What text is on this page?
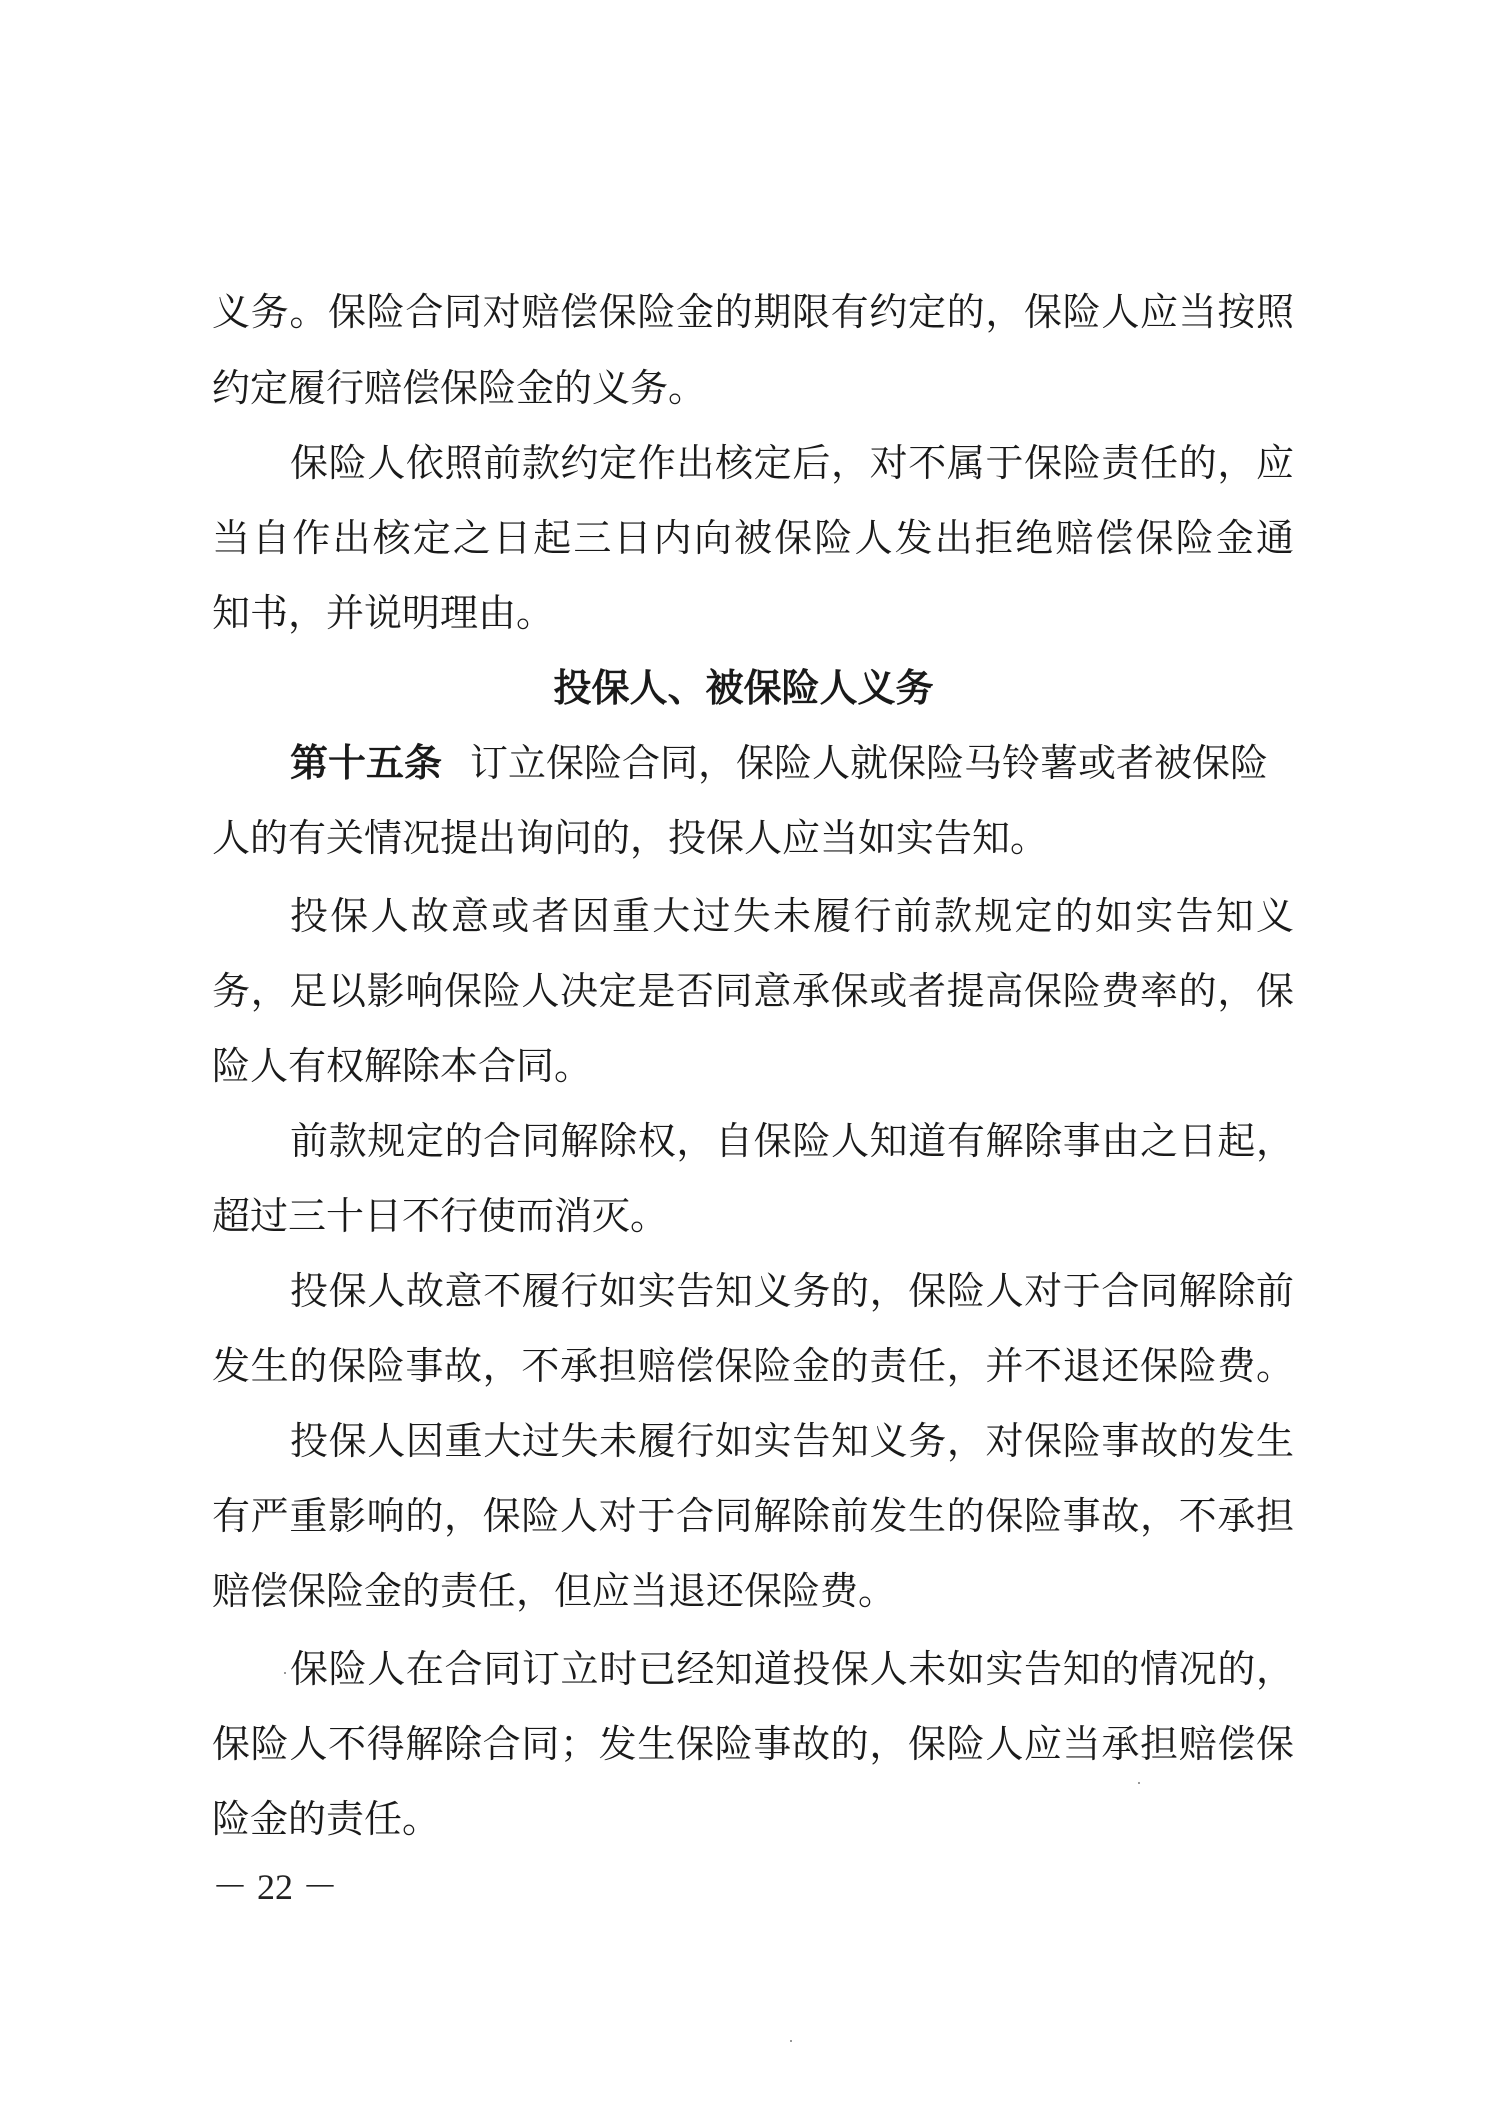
义务。保险合同对赔偿保险金的期限有约定的，保险人应当按照
约定履行赔偿保险金的义务。
保险人依照前款约定作出核定后，对不属于保险责任的，应
当自作出核定之日起三日内向被保险人发出拒绝赔偿保险金通
知书，并说明理由。
投保人、被保险人义务
第十五条 订立保险合同，保险人就保险马铃薯或者被保险
人的有关情况提出询问的，投保人应当如实告知。
投保人故意或者因重大过失未履行前款规定的如实告知义
务，足以影响保险人决定是否同意承保或者提高保险费率的，保
险人有权解除本合同。
前款规定的合同解除权，自保险人知道有解除事由之日起，
超过三十日不行使而消灭。
投保人故意不履行如实告知义务的，保险人对于合同解除前
发生的保险事故，不承担赔偿保险金的责任，并不退还保险费。
投保人因重大过失未履行如实告知义务，对保险事故的发生
有严重影响的，保险人对于合同解除前发生的保险事故，不承担
赔偿保险金的责任，但应当退还保险费。
保险人在合同订立时已经知道投保人未如实告知的情况的，
保险人不得解除合同；发生保险事故的，保险人应当承担赔偿保
险金的责任。
－ 22 －
